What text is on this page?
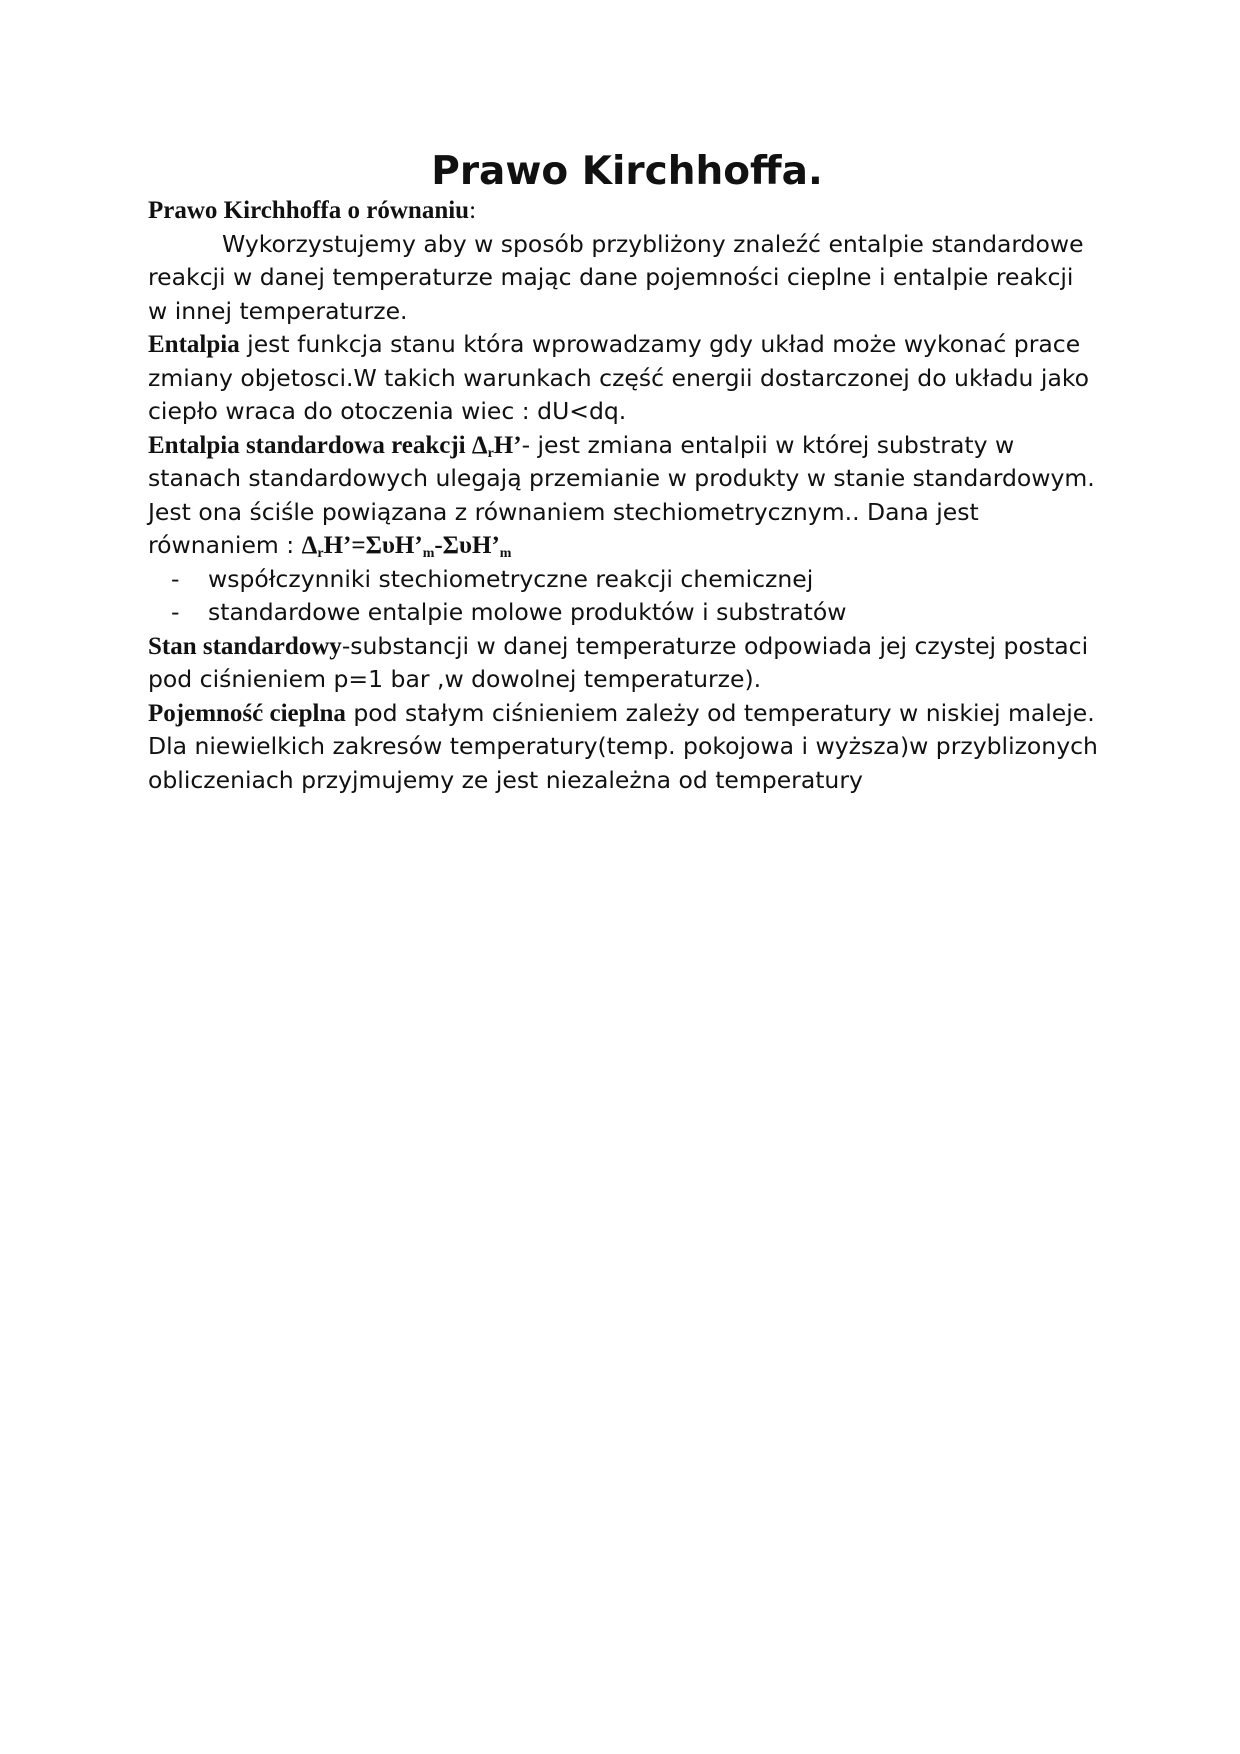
Prawo Kirchhoffa.

Prawo Kirchhoffa o równaniu:

Wykorzystujemy aby w sposób przybliżony znaleźć entalpie standardowe reakcji w danej temperaturze mając dane pojemności cieplne i entalpie reakcji w innej temperaturze.

Entalpia jest funkcja stanu która wprowadzamy gdy układ może wykonać prace zmiany objetosci.W takich warunkach część energii dostarczonej do układu jako ciepło wraca do otoczenia wiec : dU<dq.

Entalpia standardowa reakcji $\Delta_rH’-$ jest zmiana entalpii w której substraty w stanach standardowych ulegają przemianie w produkty w stanie standardowym. Jest ona ściśle powiązana z równaniem stechiometrycznym.. Dana jest równaniem : $\Delta_rH’=\Sigma\upsilon H’_m-\Sigma\upsilon H’_m$

- współczynniki stechiometryczne reakcji chemicznej
- standardowe entalpie molowe produktów i substratów

Stan standardowy-substancji w danej temperaturze odpowiada jej czystej postaci pod ciśnieniem p=1 bar ,w dowolnej temperaturze).

Pojemność cieplna pod stałym ciśnieniem zależy od temperatury w niskiej maleje. Dla niewielkich zakresów temperatury(temp. pokojowa i wyższa)w przyblizonych obliczeniach przyjmujemy ze jest niezależna od temperatury
